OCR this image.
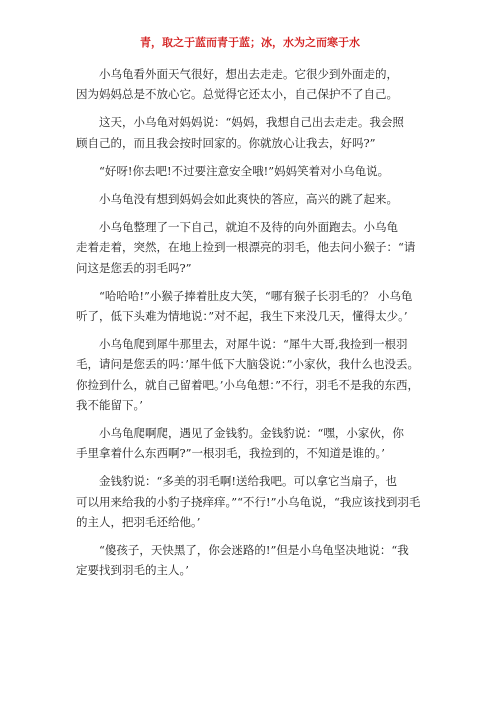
青，取之于蓝而青于蓝；冰，水为之而寒于水

　　小乌龟看外面天气很好，想出去走走。它很少到外面走的，
因为妈妈总是不放心它。总觉得它还太小，自己保护不了自己。

　　这天，小乌龟对妈妈说：“妈妈，我想自己出去走走。我会照
顾自己的，而且我会按时回家的。你就放心让我去，好吗?”

　　“好呀!你去吧!不过要注意安全哦!”妈妈笑着对小乌龟说。

　　小乌龟没有想到妈妈会如此爽快的答应，高兴的跳了起来。

　　小乌龟整理了一下自己，就迫不及待的向外面跑去。小乌龟
走着走着，突然，在地上捡到一根漂亮的羽毛，他去问小猴子：“请
问这是您丢的羽毛吗?”

　　“哈哈哈!”小猴子捧着肚皮大笑，“哪有猴子长羽毛的？ 小乌龟
听了，低下头难为情地说：”对不起，我生下来没几天，懂得太少。’

　　小乌龟爬到犀牛那里去，对犀牛说：“犀牛大哥,我捡到一根羽
毛，请问是您丢的吗：’犀牛低下大脑袋说：”小家伙，我什么也没丢。
你捡到什么，就自己留着吧。’小乌龟想：”不行，羽毛不是我的东西，
我不能留下。’

　　小乌龟爬啊爬，遇见了金钱豹。金钱豹说：“嘿，小家伙，你
手里拿着什么东西啊?”一根羽毛，我捡到的，不知道是谁的。’

　　金钱豹说：“多美的羽毛啊!送给我吧。可以拿它当扇子，也
可以用来给我的小豹子挠痒痒。”“不行!”小乌龟说，“我应该找到羽毛
的主人，把羽毛还给他。’

　　“傻孩子，天快黑了，你会迷路的!”但是小乌龟坚决地说：“我
定要找到羽毛的主人。’
